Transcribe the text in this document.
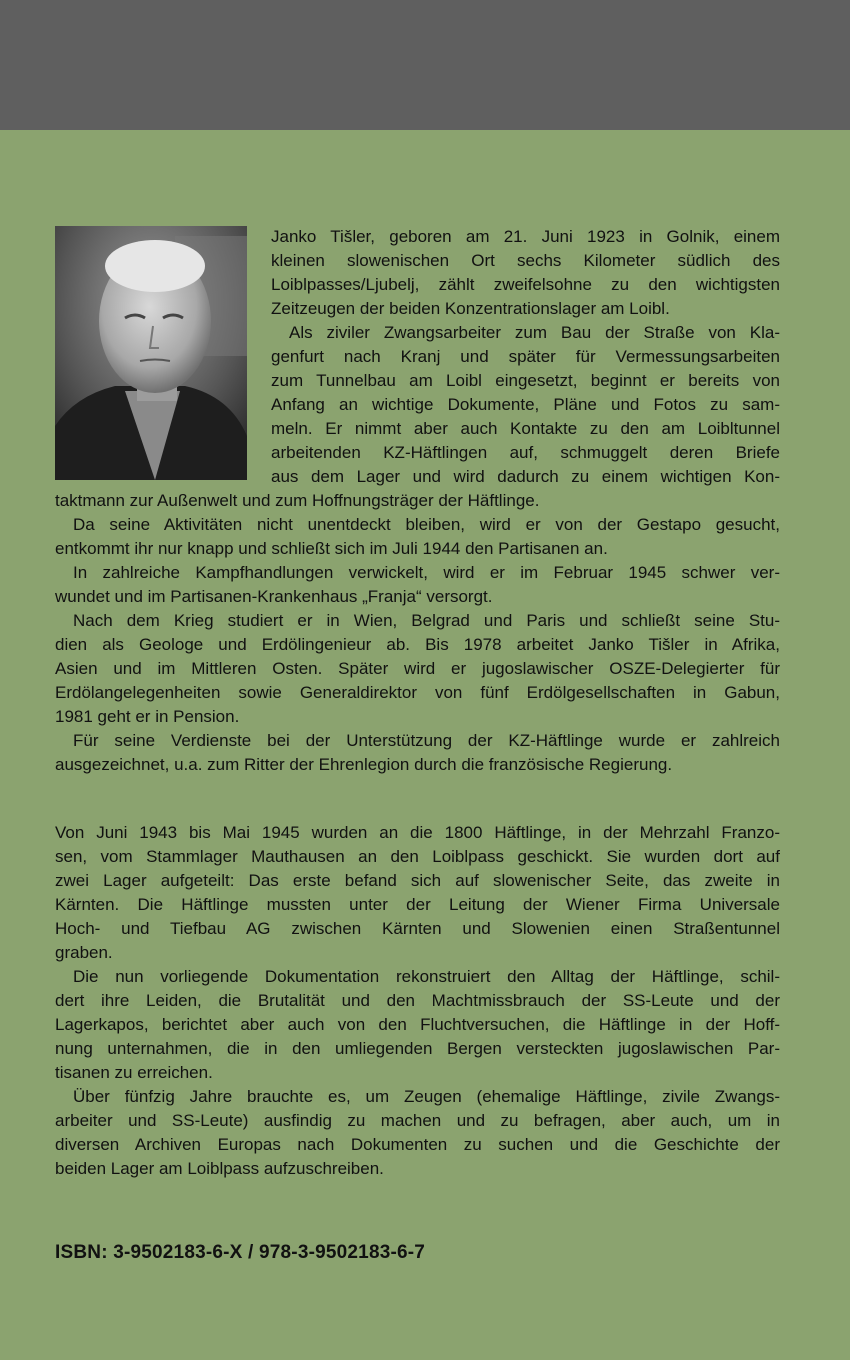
Janko Tišler, geboren am 21. Juni 1923 in Golnik, einem
kleinen slowenischen Ort sechs Kilometer südlich des
Loiblpasses/Ljubelj, zählt zweifelsohne zu den wichtigsten
Zeitzeugen der beiden Konzentrationslager am Loibl.
Als ziviler Zwangsarbeiter zum Bau der Straße von Kla-
genfurt nach Kranj und später für Vermessungsarbeiten
zum Tunnelbau am Loibl eingesetzt, beginnt er bereits von
Anfang an wichtige Dokumente, Pläne und Fotos zu sam-
meln. Er nimmt aber auch Kontakte zu den am Loibltunnel
arbeitenden KZ-Häftlingen auf, schmuggelt deren Briefe
aus dem Lager und wird dadurch zu einem wichtigen Kon-
taktmann zur Außenwelt und zum Hoffnungsträger der Häftlinge.
Da seine Aktivitäten nicht unentdeckt bleiben, wird er von der Gestapo gesucht,
entkommt ihr nur knapp und schließt sich im Juli 1944 den Partisanen an.
In zahlreiche Kampfhandlungen verwickelt, wird er im Februar 1945 schwer ver-
wundet und im Partisanen-Krankenhaus „Franja“ versorgt.
Nach dem Krieg studiert er in Wien, Belgrad und Paris und schließt seine Stu-
dien als Geologe und Erdölingenieur ab. Bis 1978 arbeitet Janko Tišler in Afrika,
Asien und im Mittleren Osten. Später wird er jugoslawischer OSZE-Delegierter für
Erdölangelegenheiten sowie Generaldirektor von fünf Erdölgesellschaften in Gabun,
1981 geht er in Pension.
Für seine Verdienste bei der Unterstützung der KZ-Häftlinge wurde er zahlreich
ausgezeichnet, u.a. zum Ritter der Ehrenlegion durch die französische Regierung.
Von Juni 1943 bis Mai 1945 wurden an die 1800 Häftlinge, in der Mehrzahl Franzo-
sen, vom Stammlager Mauthausen an den Loiblpass geschickt. Sie wurden dort auf
zwei Lager aufgeteilt: Das erste befand sich auf slowenischer Seite, das zweite in
Kärnten. Die Häftlinge mussten unter der Leitung der Wiener Firma Universale
Hoch- und Tiefbau AG zwischen Kärnten und Slowenien einen Straßentunnel
graben.
Die nun vorliegende Dokumentation rekonstruiert den Alltag der Häftlinge, schil-
dert ihre Leiden, die Brutalität und den Machtmissbrauch der SS-Leute und der
Lagerkapos, berichtet aber auch von den Fluchtversuchen, die Häftlinge in der Hoff-
nung unternahmen, die in den umliegenden Bergen versteckten jugoslawischen Par-
tisanen zu erreichen.
Über fünfzig Jahre brauchte es, um Zeugen (ehemalige Häftlinge, zivile Zwangs-
arbeiter und SS-Leute) ausfindig zu machen und zu befragen, aber auch, um in
diversen Archiven Europas nach Dokumenten zu suchen und die Geschichte der
beiden Lager am Loiblpass aufzuschreiben.
ISBN: 3-9502183-6-X / 978-3-9502183-6-7
